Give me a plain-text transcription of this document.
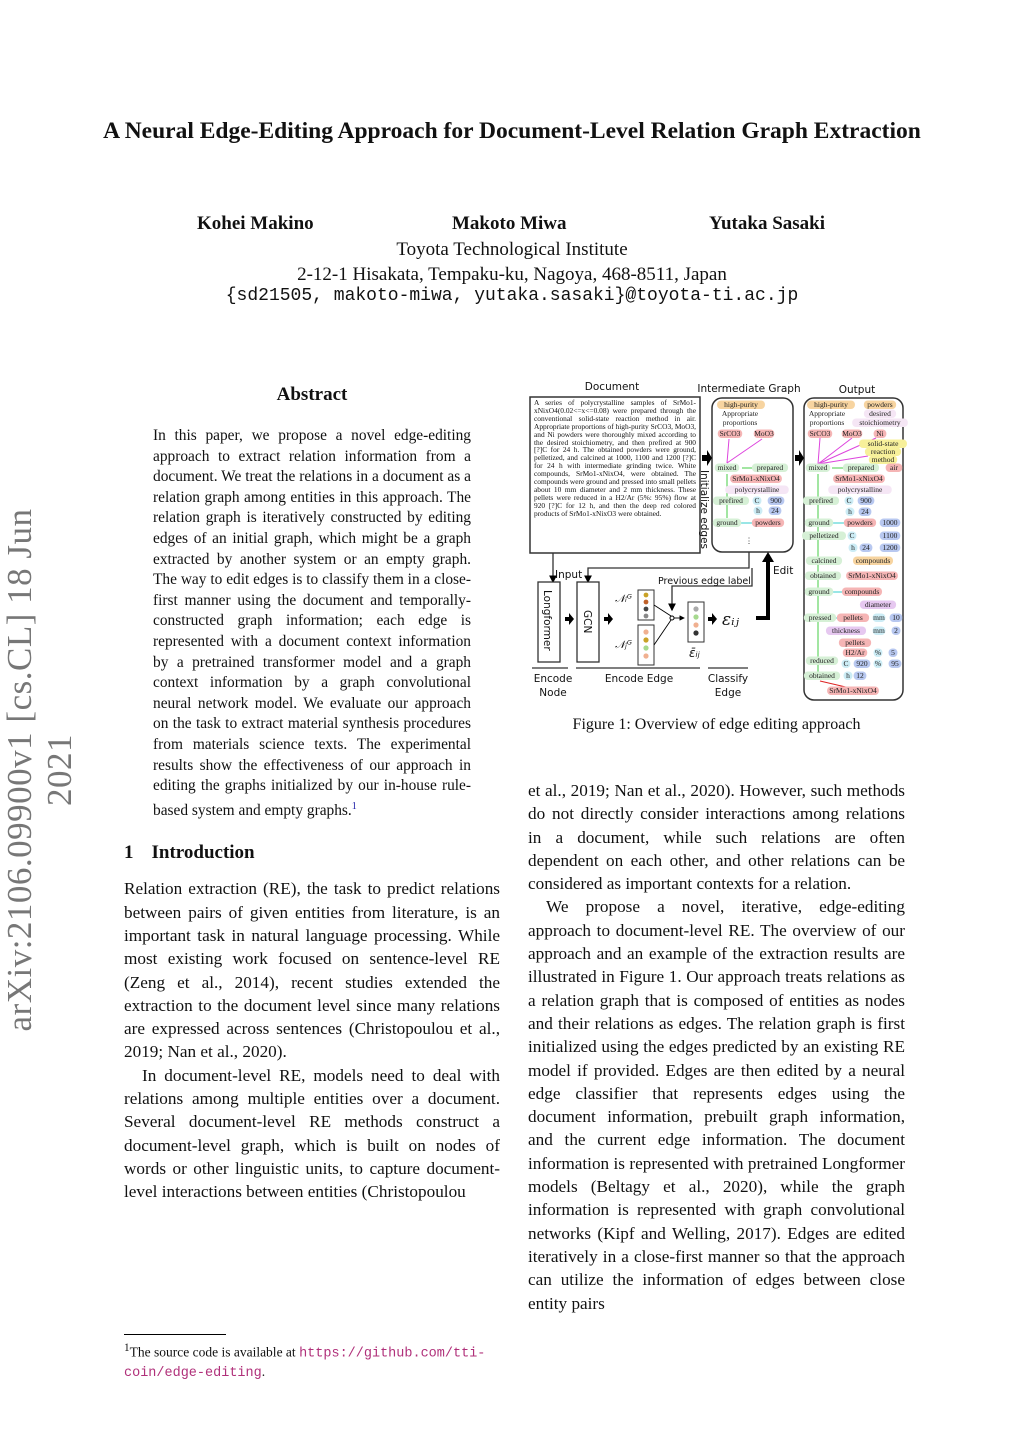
arXiv:2106.09900v1 [cs.CL] 18 Jun 2021
A Neural Edge-Editing Approach for Document-Level Relation Graph Extraction
Kohei Makino	Makoto Miwa	Yutaka Sasaki
Toyota Technological Institute
2-12-1 Hisakata, Tempaku-ku, Nagoya, 468-8511, Japan
{sd21505, makoto-miwa, yutaka.sasaki}@toyota-ti.ac.jp
Abstract
In this paper, we propose a novel edge-editing approach to extract relation information from a document. We treat the relations in a document as a relation graph among entities in this approach. The relation graph is iteratively constructed by editing edges of an initial graph, which might be a graph extracted by another system or an empty graph. The way to edit edges is to classify them in a close-first manner using the document and temporally-constructed graph information; each edge is represented with a document context information by a pretrained transformer model and a graph context information by a graph convolutional neural network model. We evaluate our approach on the task to extract material synthesis procedures from materials science texts. The experimental results show the effectiveness of our approach in editing the graphs initialized by our in-house rule-based system and empty graphs.$^1$
1 Introduction

Relation extraction (RE), the task to predict relations between pairs of given entities from literature, is an important task in natural language processing. While most existing work focused on sentence-level RE (Zeng et al., 2014), recent studies extended the extraction to the document level since many relations are expressed across sentences (Christopoulou et al., 2019; Nan et al., 2020).

In document-level RE, models need to deal with relations among multiple entities over a document. Several document-level RE methods construct a document-level graph, which is built on nodes of words or other linguistic units, to capture document-level interactions between entities (Christopoulou

$^1$The source code is available at https://github.com/tti-coin/edge-editing.

et al., 2019; Nan et al., 2020). However, such methods do not directly consider interactions among relations in a document, while such relations are often dependent on each other, and other relations can be considered as important contexts for a relation.

We propose a novel, iterative, edge-editing approach to document-level RE. The overview of our approach and an example of the extraction results are illustrated in Figure 1. Our approach treats relations as a relation graph that is composed of entities as nodes and their relations as edges. The relation graph is first initialized using the edges predicted by an existing RE model if provided. Edges are then edited by a neural edge classifier that represents edges using the document information, prebuilt graph information, and the current edge information. The document information is represented with pretrained Longformer models (Beltagy et al., 2020), while the graph information is represented with graph convolutional networks (Kipf and Welling, 2017). Edges are edited iteratively in a close-first manner so that the approach can utilize the information of edges between close entity pairs

Document	Intermediate Graph	Output
Initialize edges
Input
Previous edge label
Longformer	GCN
𝒩ᵢᴳ
𝒩ⱼᴳ
ε̄ᵢⱼ
εᵢⱼ
Edit
Encode
Node
Encode Edge	Classify
Edge
high-purity
Appropriate
proportions
SrCO3 MoO3
mixed	prepared
SrMo1-xNixO4
polycrystalline
prefired C 900
h 24
ground powders
⋮
high-purity	powders
Appropriate
proportions
desired
stoichiometry
SrCO3 MoO3 Ni
solid-state
reaction
method
mixed	prepared air
SrMo1-xNixO4
polycrystalline
prefired C 900
h 24
ground powders 1000
pelletized C	1100
h 24 1200
calcined	compounds
obtained SrMo1-xNixO4
ground compounds
diameter
pressed pellets mm 10
thickness mm 2
pellets
H2/Ar % 5
reduced C 920 % 95
obtained h 12
SrMo1-xNixO4
A series of polycrystalline samples of SrMo1-xNixO4(0.02<=x<=0.08) were prepared through the conventional solid-state reaction method in air. Appropriate proportions of high-purity SrCO3, MoO3, and Ni powders were thoroughly mixed according to the desired stoichiometry, and then prefired at 900 [?]C for 24 h. The obtained powders were ground, pelletized, and calcined at 1000, 1100 and 1200 [?]C for 24 h with intermediate grinding twice. White compounds, SrMo1-xNixO4, were obtained. The compounds were ground and pressed into small pellets about 10 mm diameter and 2 mm thickness. These pellets were reduced in a H2/Ar (5%: 95%) flow at 920 [?]C for 12 h, and then the deep red colored products of SrMo1-xNixO3 were obtained.
Figure 1: Overview of edge editing approach
